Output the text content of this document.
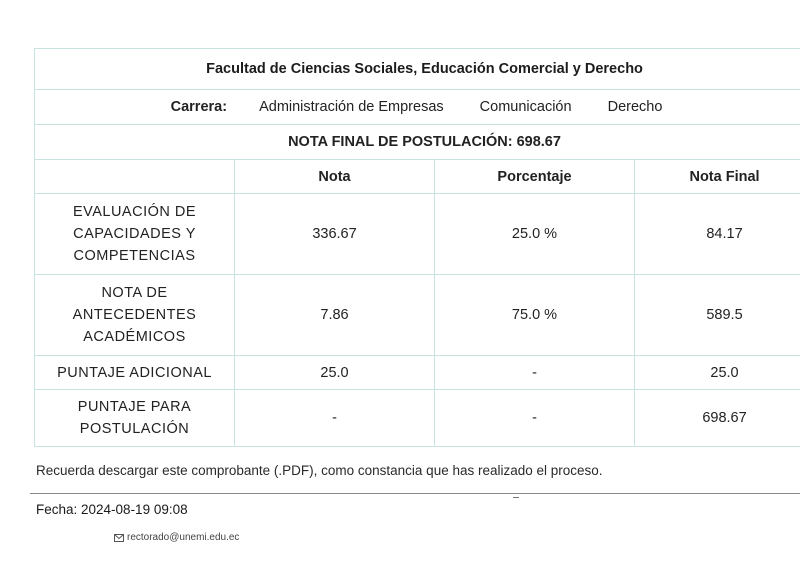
Facultad de Ciencias Sociales, Educación Comercial y Derecho			
Carrera: Administración de Empresas Comunicación Derecho			
NOTA FINAL DE POSTULACIÓN: 698.67			
	Nota	Porcentaje	Nota Final

EVALUACIÓN DE
CAPACIDADES Y
COMPETENCIAS	336.67	25.0 %	84.17

NOTA DE
ANTECEDENTES
ACADÉMICOS	7.86	75.0 %	589.5

PUNTAJE ADICIONAL	25.0	-	25.0

PUNTAJE PARA
POSTULACIÓN	-	-	698.67
Recuerda descargar este comprobante (.PDF), como constancia que has realizado el proceso.
Fecha: 2024-08-19 09:08
rectorado@unemi.edu.ec
